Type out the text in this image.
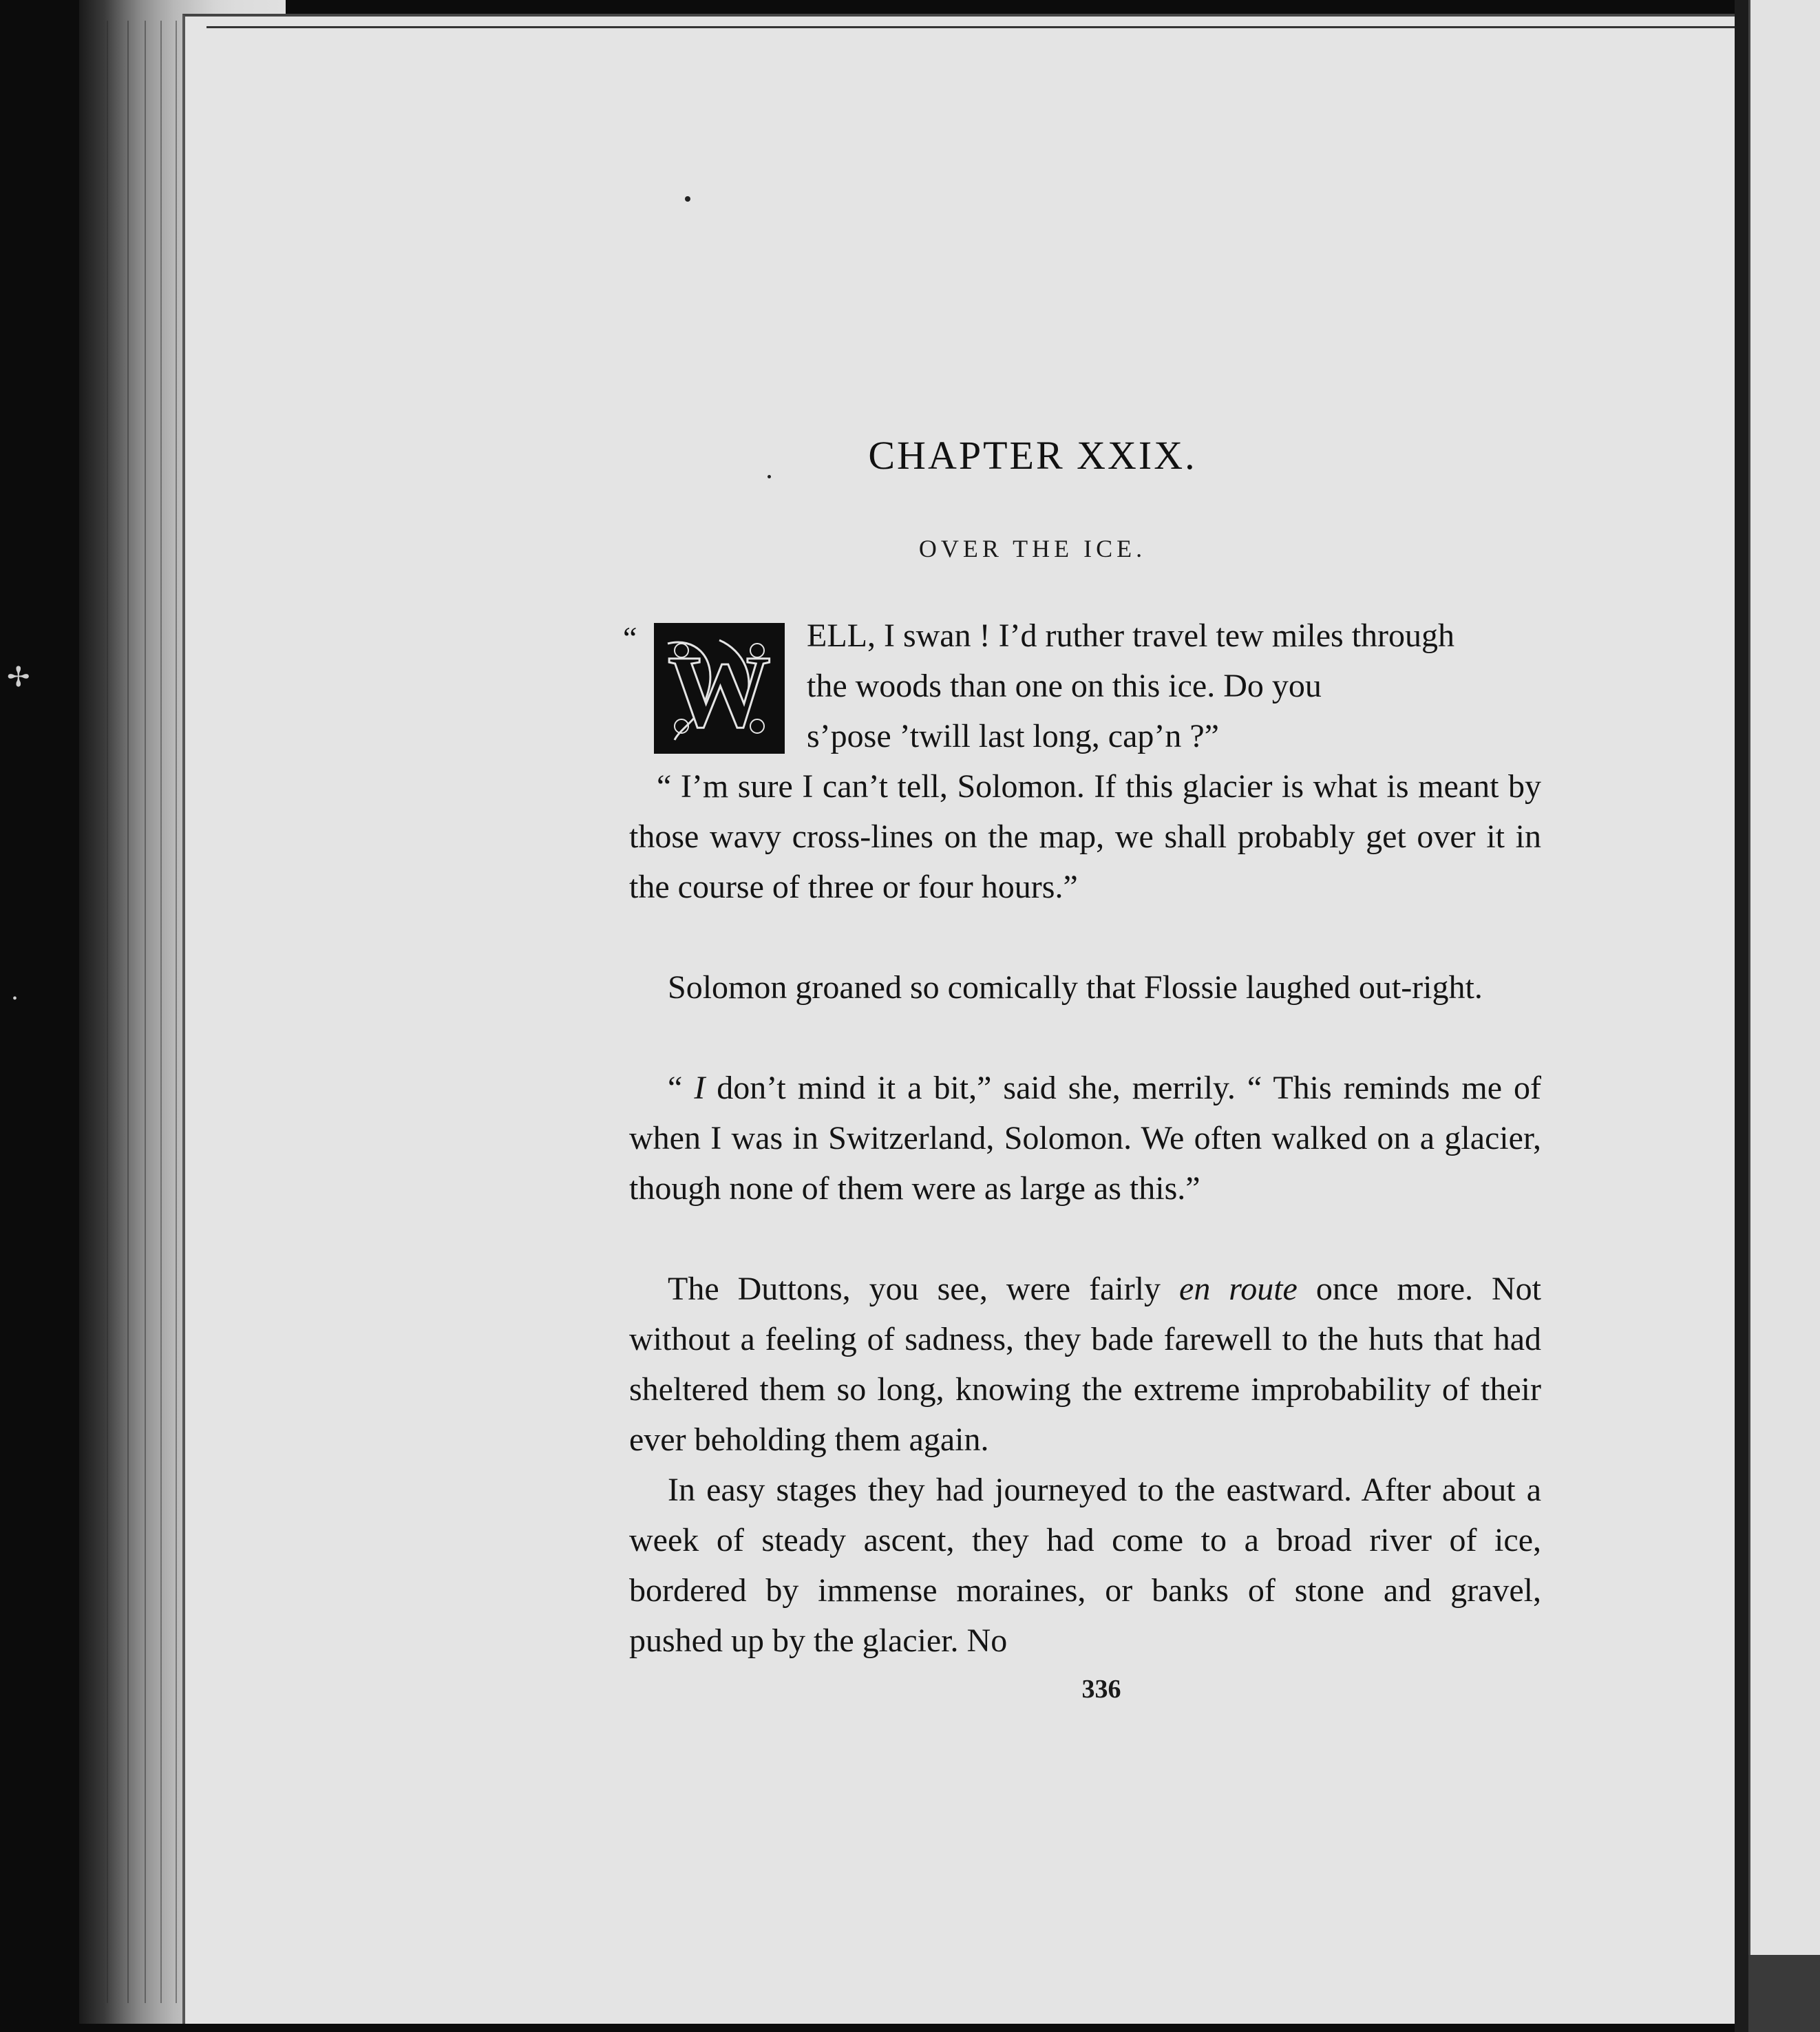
✢
•
CHAPTER XXIX.
OVER THE ICE.
“ W ELL, I swan ! I’d ruther travel tew miles through

the woods than one on this ice. Do you

s’pose ’twill last long, cap’n ?”

“ I’m sure I can’t tell, Solomon. If this glacier is what is meant by those wavy cross-lines on the map, we shall probably get over it in the course of three or four hours.”

Solomon groaned so comically that Flossie laughed out-right.

“ I don’t mind it a bit,” said she, merrily. “ This reminds me of when I was in Switzerland, Solomon. We often walked on a glacier, though none of them were as large as this.”

The Duttons, you see, were fairly en route once more. Not without a feeling of sadness, they bade farewell to the huts that had sheltered them so long, knowing the extreme improbability of their ever beholding them again.

In easy stages they had journeyed to the eastward. After about a week of steady ascent, they had come to a broad river of ice, bordered by immense moraines, or banks of stone and gravel, pushed up by the glacier. No

336
